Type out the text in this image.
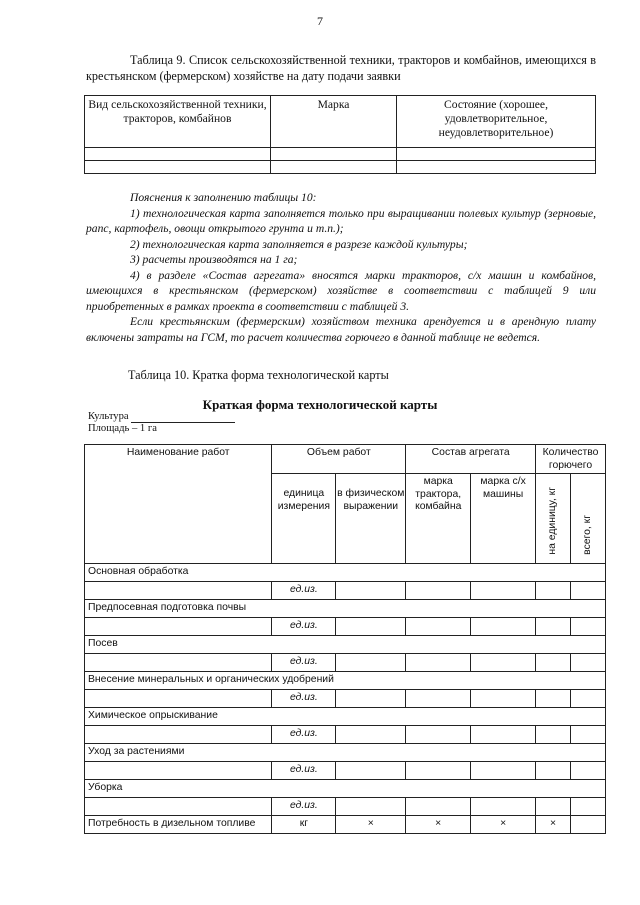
7
Таблица 9. Список сельскохозяйственной техники, тракторов и комбайнов, имеющихся в крестьянском (фермерском) хозяйстве на дату подачи заявки
Вид сельскохозяйственной техники, тракторов, комбайнов	Марка	Состояние (хорошее, удовлетворительное, неудовлетворительное)

Пояснения к заполнению таблицы 10:

1) технологическая карта заполняется только при выращивании полевых культур (зерновые, рапс, картофель, овощи открытого грунта и т.п.);

2) технологическая карта заполняется в разрезе каждой культуры;

3) расчеты производятся на 1 га;

4) в разделе «Состав агрегата» вносятся марки тракторов, с/х машин и комбайнов, имеющихся в крестьянском (фермерском) хозяйстве в соответствии с таблицей 9 или приобретенных в рамках проекта в соответствии с таблицей 3.

Если крестьянским (фермерским) хозяйством техника арендуется и в арендную плату включены затраты на ГСМ, то расчет количества горючего в данной таблице не ведется.

Таблица 10. Кратка форма технологической карты
Краткая форма технологической карты
Культура
Площадь – 1 га
Наименование работ	Объем работ		Состав агрегата		Количество горючего	
	единица измерения	в физическом выражении	марка трактора, комбайна	марка с/х машины	на единицу, кг	всего, кг

Основная обработка						
	ед.из.					
Предпосевная подготовка почвы						
	ед.из.					
Посев						
	ед.из.					
Внесение минеральных и органических удобрений						
	ед.из.					
Химическое опрыскивание						
	ед.из.					
Уход за растениями						
	ед.из.					
Уборка						
	ед.из.					
Потребность в дизельном топливе	кг	×	×	×	×	
